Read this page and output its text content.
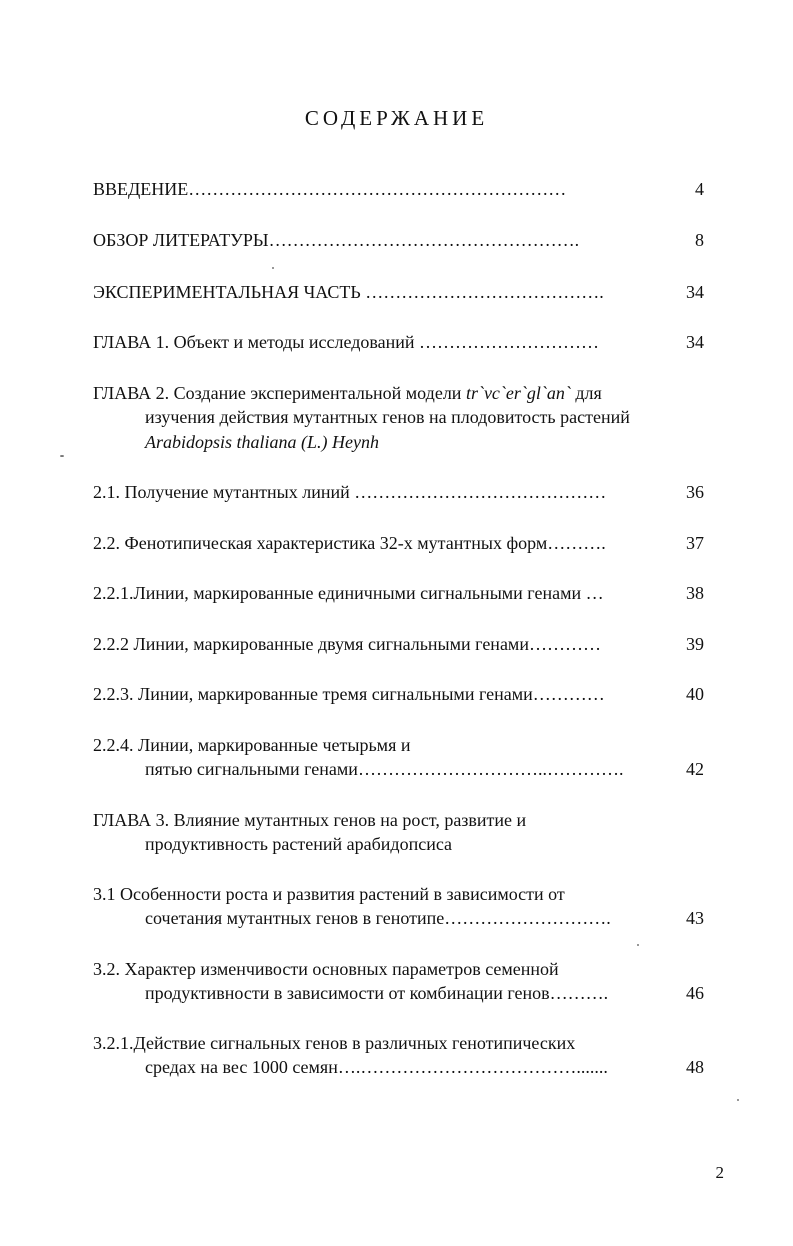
СОДЕРЖАНИЕ
ВВЕДЕНИЕ………………………………………………………	4
ОБЗОР ЛИТЕРАТУРЫ…………………………………………….	8
ЭКСПЕРИМЕНТАЛЬНАЯ ЧАСТЬ ………………………………….	34
ГЛАВА 1. Объект и методы исследований …………………………	34
ГЛАВА 2. Создание экспериментальной модели tr`vc`er`gl`an` для
изучения действия мутантных генов на плодовитость растений
Arabidopsis thaliana (L.) Heynh
2.1. Получение мутантных линий ……………………………………	36
2.2. Фенотипическая характеристика 32-х мутантных форм……….	37
2.2.1.Линии, маркированные единичными сигнальными генами …	38
2.2.2 Линии, маркированные двумя сигнальными генами…………	39
2.2.3. Линии, маркированные тремя сигнальными генами…………	40
2.2.4. Линии, маркированные четырьмя и
пятью сигнальными генами…………………………..………….	42
ГЛАВА 3. Влияние мутантных генов на рост, развитие и
продуктивность растений арабидопсиса
3.1 Особенности роста и развития растений в зависимости от
сочетания мутантных генов в генотипе……………………….	43
3.2. Характер изменчивости основных параметров семенной
продуктивности в зависимости от комбинации генов……….	46
3.2.1.Действие сигнальных генов в различных генотипических
средах на вес 1000 семян….……………………………….......	48
2
